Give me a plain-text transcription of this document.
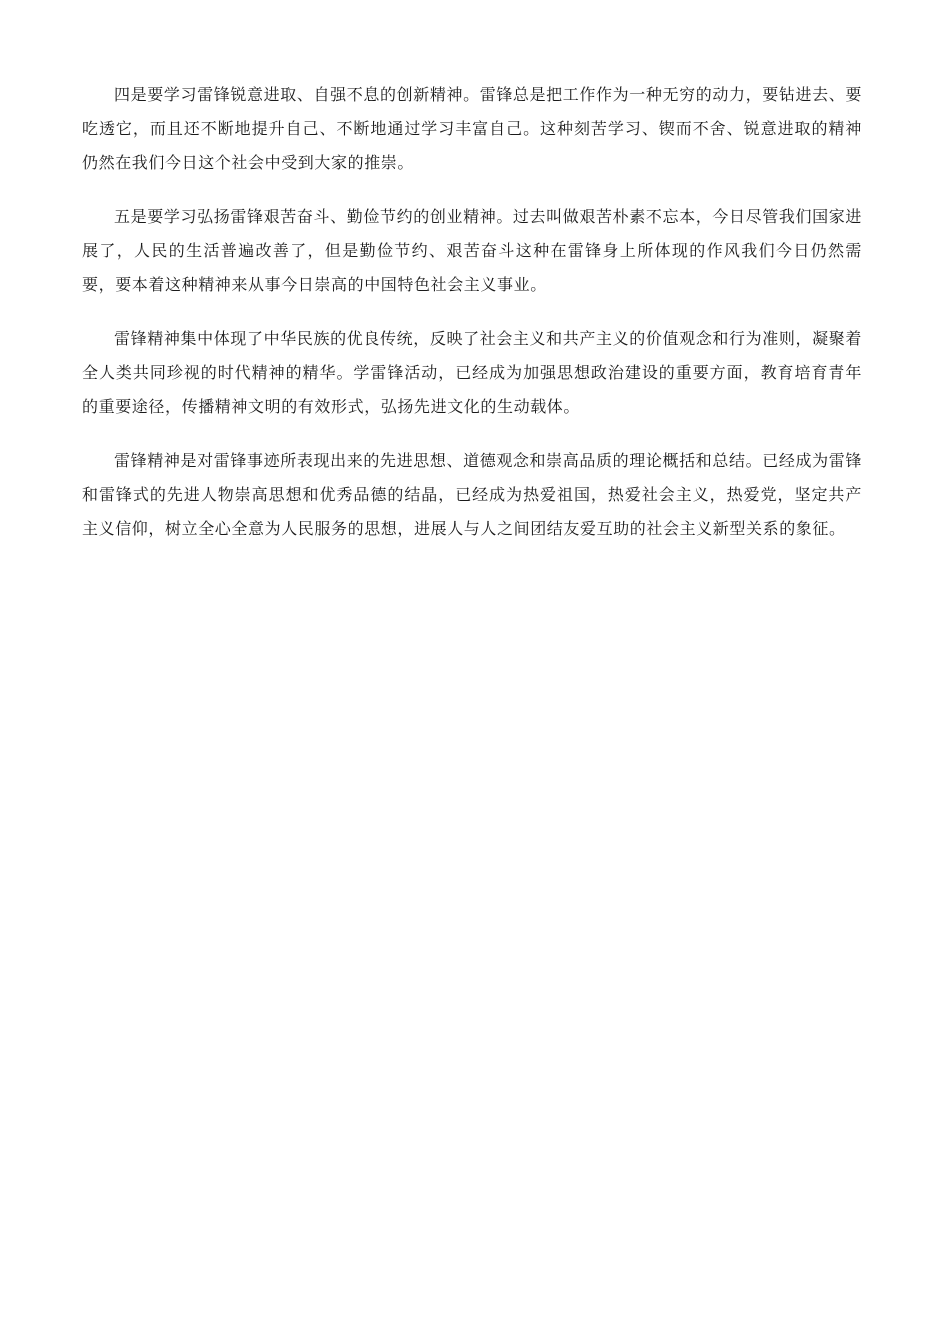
四是要学习雷锋锐意进取、自强不息的创新精神。雷锋总是把工作作为一种无穷的动力，要钻进去、要吃透它，而且还不断地提升自己、不断地通过学习丰富自己。这种刻苦学习、锲而不舍、锐意进取的精神仍然在我们今日这个社会中受到大家的推崇。

五是要学习弘扬雷锋艰苦奋斗、勤俭节约的创业精神。过去叫做艰苦朴素不忘本，今日尽管我们国家进展了，人民的生活普遍改善了，但是勤俭节约、艰苦奋斗这种在雷锋身上所体现的作风我们今日仍然需要，要本着这种精神来从事今日崇高的中国特色社会主义事业。

雷锋精神集中体现了中华民族的优良传统，反映了社会主义和共产主义的价值观念和行为准则，凝聚着全人类共同珍视的时代精神的精华。学雷锋活动，已经成为加强思想政治建设的重要方面，教育培育青年的重要途径，传播精神文明的有效形式，弘扬先进文化的生动载体。

雷锋精神是对雷锋事迹所表现出来的先进思想、道德观念和崇高品质的理论概括和总结。已经成为雷锋和雷锋式的先进人物崇高思想和优秀品德的结晶，已经成为热爱祖国，热爱社会主义，热爱党，坚定共产主义信仰，树立全心全意为人民服务的思想，进展人与人之间团结友爱互助的社会主义新型关系的象征。
